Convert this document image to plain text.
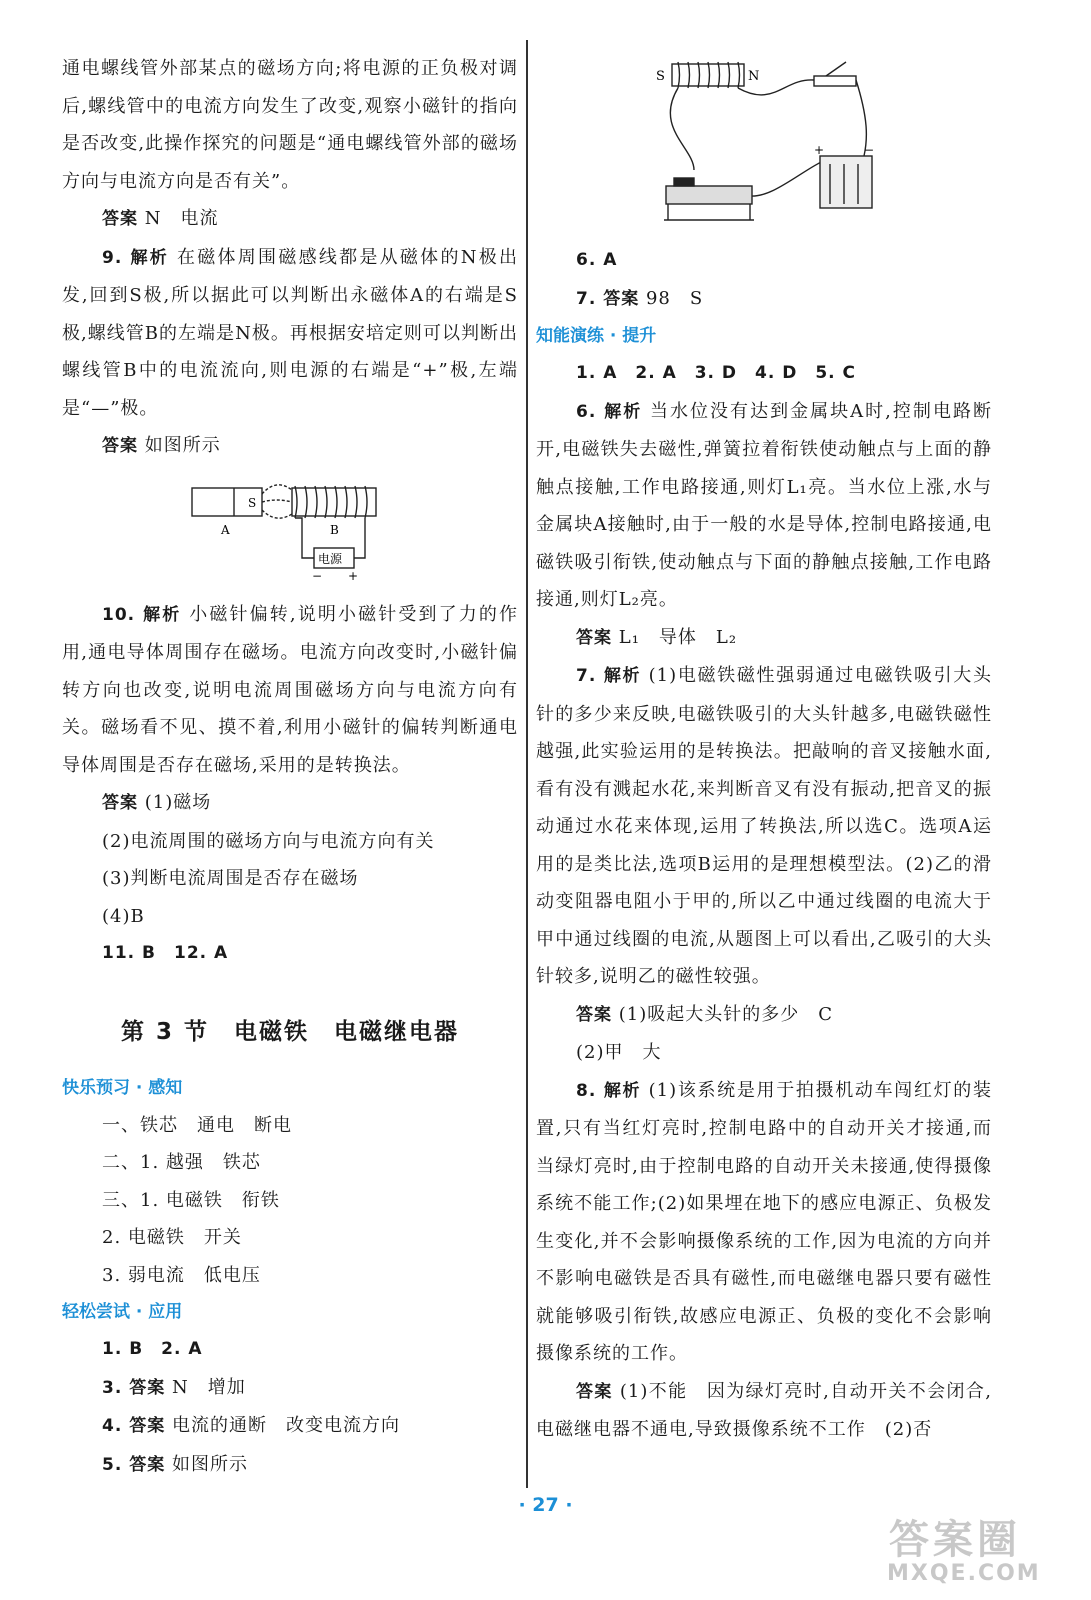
通电螺线管外部某点的磁场方向;将电源的正负极对调后,螺线管中的电流方向发生了改变,观察小磁针的指向是否改变,此操作探究的问题是“通电螺线管外部的磁场方向与电流方向是否有关”。

答案 N　电流

9. 解析 在磁体周围磁感线都是从磁体的N极出发,回到S极,所以据此可以判断出永磁体A的右端是S极,螺线管B的左端是N极。再根据安培定则可以判断出螺线管B中的电流流向,则电源的右端是“+”极,左端是“—”极。

答案 如图所示

S
A	B
电源
− +

10. 解析 小磁针偏转,说明小磁针受到了力的作用,通电导体周围存在磁场。电流方向改变时,小磁针偏转方向也改变,说明电流周围磁场方向与电流方向有关。磁场看不见、摸不着,利用小磁针的偏转判断通电导体周围是否存在磁场,采用的是转换法。

答案 (1)磁场

(2)电流周围的磁场方向与电流方向有关

(3)判断电流周围是否存在磁场

(4)B

11. B　12. A

第 3 节　电磁铁　电磁继电器

快乐预习 · 感知

一、铁芯　通电　断电

二、1. 越强　铁芯

三、1. 电磁铁　衔铁

2. 电磁铁　开关

3. 弱电流　低电压

轻松尝试 · 应用

1. B　2. A

3. 答案 N　增加

4. 答案 电流的通断　改变电流方向

5. 答案 如图所示

S	N
+	−

6. A

7. 答案 98　S

知能演练 · 提升

1. A　2. A　3. D　4. D　5. C

6. 解析 当水位没有达到金属块A时,控制电路断开,电磁铁失去磁性,弹簧拉着衔铁使动触点与上面的静触点接触,工作电路接通,则灯L₁亮。当水位上涨,水与金属块A接触时,由于一般的水是导体,控制电路接通,电磁铁吸引衔铁,使动触点与下面的静触点接触,工作电路接通,则灯L₂亮。

答案 L₁　导体　L₂

7. 解析 (1)电磁铁磁性强弱通过电磁铁吸引大头针的多少来反映,电磁铁吸引的大头针越多,电磁铁磁性越强,此实验运用的是转换法。把敲响的音叉接触水面,看有没有溅起水花,来判断音叉有没有振动,把音叉的振动通过水花来体现,运用了转换法,所以选C。选项A运用的是类比法,选项B运用的是理想模型法。(2)乙的滑动变阻器电阻小于甲的,所以乙中通过线圈的电流大于甲中通过线圈的电流,从题图上可以看出,乙吸引的大头针较多,说明乙的磁性较强。

答案 (1)吸起大头针的多少　C

(2)甲　大

8. 解析 (1)该系统是用于拍摄机动车闯红灯的装置,只有当红灯亮时,控制电路中的自动开关才接通,而当绿灯亮时,由于控制电路的自动开关未接通,使得摄像系统不能工作;(2)如果埋在地下的感应电源正、负极发生变化,并不会影响摄像系统的工作,因为电流的方向并不影响电磁铁是否具有磁性,而电磁继电器只要有磁性就能够吸引衔铁,故感应电源正、负极的变化不会影响摄像系统的工作。

答案 (1)不能　因为绿灯亮时,自动开关不会闭合,电磁继电器不通电,导致摄像系统不工作　(2)否

· 27 ·
答案圈
MXQE.COM
